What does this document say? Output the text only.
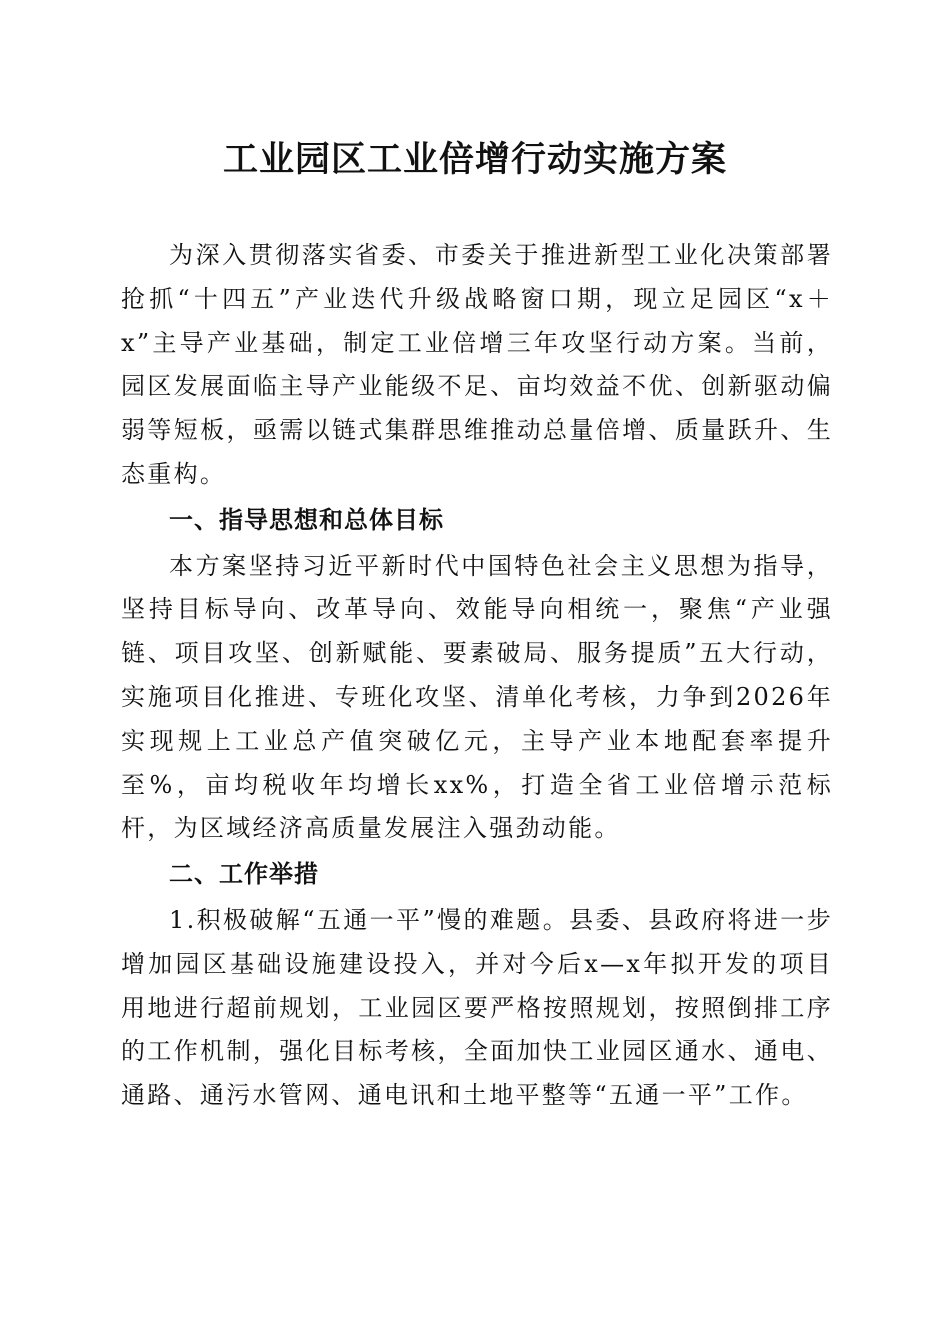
工业园区工业倍增行动实施方案

为深入贯彻落实省委、市委关于推进新型工业化决策部署抢抓“十四五”产业迭代升级战略窗口期，现立足园区“x＋x”主导产业基础，制定工业倍增三年攻坚行动方案。当前，园区发展面临主导产业能级不足、亩均效益不优、创新驱动偏弱等短板，亟需以链式集群思维推动总量倍增、质量跃升、生态重构。

一、指导思想和总体目标

本方案坚持习近平新时代中国特色社会主义思想为指导，坚持目标导向、改革导向、效能导向相统一，聚焦“产业强链、项目攻坚、创新赋能、要素破局、服务提质”五大行动，实施项目化推进、专班化攻坚、清单化考核，力争到2026年实现规上工业总产值突破亿元，主导产业本地配套率提升至%，亩均税收年均增长xx%，打造全省工业倍增示范标杆，为区域经济高质量发展注入强劲动能。

二、工作举措

1.积极破解“五通一平”慢的难题。县委、县政府将进一步增加园区基础设施建设投入，并对今后x—x年拟开发的项目用地进行超前规划，工业园区要严格按照规划，按照倒排工序的工作机制，强化目标考核，全面加快工业园区通水、通电、通路、通污水管网、通电讯和土地平整等“五通一平”工作。
